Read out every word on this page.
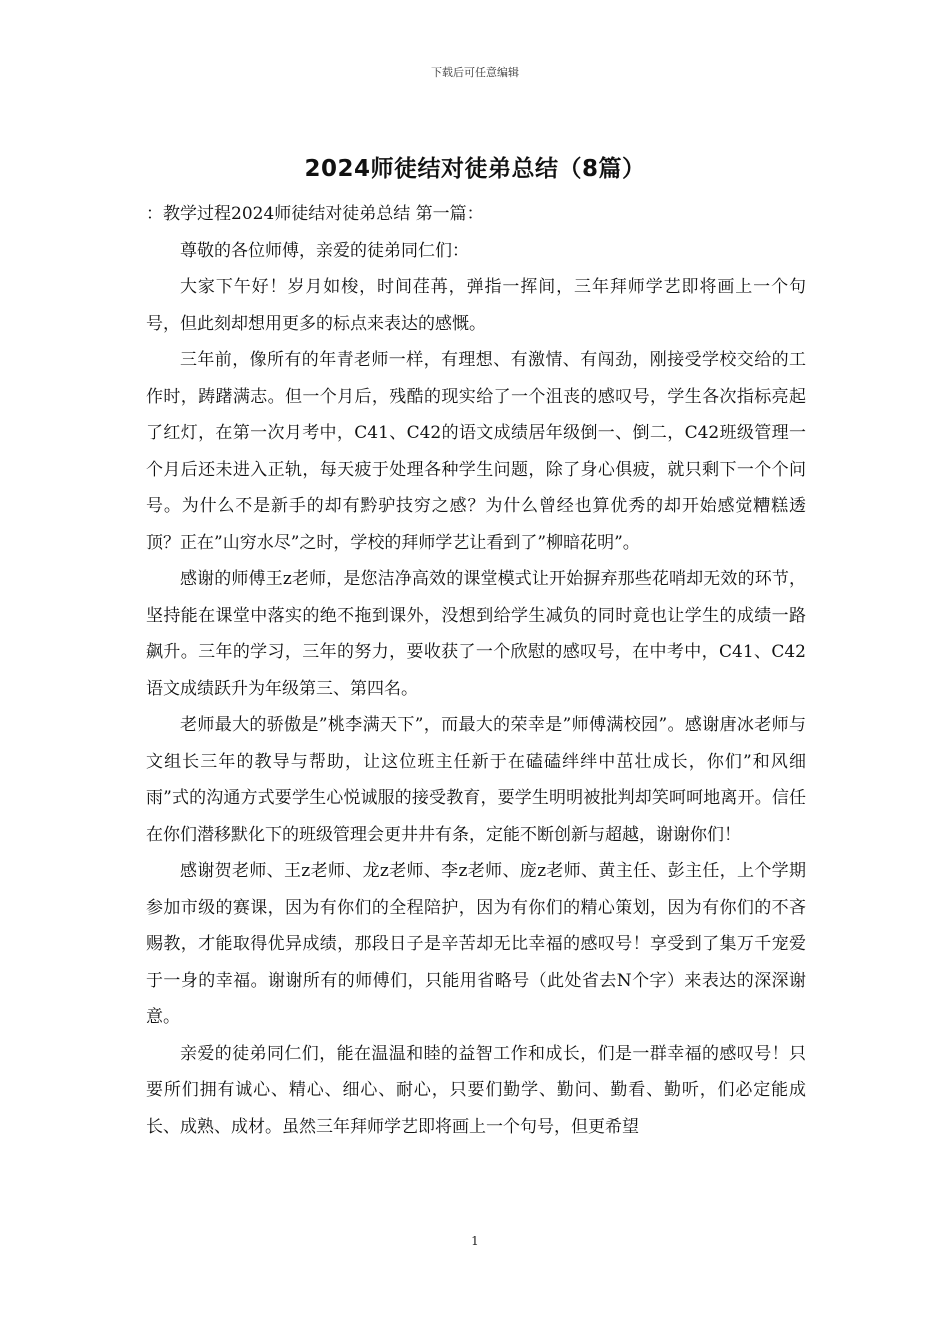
下载后可任意编辑
2024师徒结对徒弟总结（8篇）

：教学过程2024师徒结对徒弟总结 第一篇：

尊敬的各位师傅，亲爱的徒弟同仁们：

大家下午好！岁月如梭，时间荏苒，弹指一挥间，三年拜师学艺即将画上一个句号，但此刻却想用更多的标点来表达的感慨。

三年前，像所有的年青老师一样，有理想、有激情、有闯劲，刚接受学校交给的工作时，踌躇满志。但一个月后，残酷的现实给了一个沮丧的感叹号，学生各次指标亮起了红灯，在第一次月考中，C41、C42的语文成绩居年级倒一、倒二，C42班级管理一个月后还未进入正轨，每天疲于处理各种学生问题，除了身心俱疲，就只剩下一个个问号。为什么不是新手的却有黔驴技穷之感？为什么曾经也算优秀的却开始感觉糟糕透顶？正在”山穷水尽”之时，学校的拜师学艺让看到了”柳暗花明”。

感谢的师傅王z老师，是您洁净高效的课堂模式让开始摒弃那些花哨却无效的环节，坚持能在课堂中落实的绝不拖到课外，没想到给学生减负的同时竟也让学生的成绩一路飙升。三年的学习，三年的努力，要收获了一个欣慰的感叹号，在中考中，C41、C42语文成绩跃升为年级第三、第四名。

老师最大的骄傲是”桃李满天下”，而最大的荣幸是”师傅满校园”。感谢唐冰老师与文组长三年的教导与帮助，让这位班主任新于在磕磕绊绊中茁壮成长，你们”和风细雨”式的沟通方式要学生心悦诚服的接受教育，要学生明明被批判却笑呵呵地离开。信任在你们潜移默化下的班级管理会更井井有条，定能不断创新与超越，谢谢你们！

感谢贺老师、王z老师、龙z老师、李z老师、庞z老师、黄主任、彭主任，上个学期参加市级的赛课，因为有你们的全程陪护，因为有你们的精心策划，因为有你们的不吝赐教，才能取得优异成绩，那段日子是辛苦却无比幸福的感叹号！享受到了集万千宠爱于一身的幸福。谢谢所有的师傅们，只能用省略号（此处省去N个字）来表达的深深谢意。

亲爱的徒弟同仁们，能在温温和睦的益智工作和成长，们是一群幸福的感叹号！只要所们拥有诚心、精心、细心、耐心，只要们勤学、勤问、勤看、勤听，们必定能成长、成熟、成材。虽然三年拜师学艺即将画上一个句号，但更希望

1
